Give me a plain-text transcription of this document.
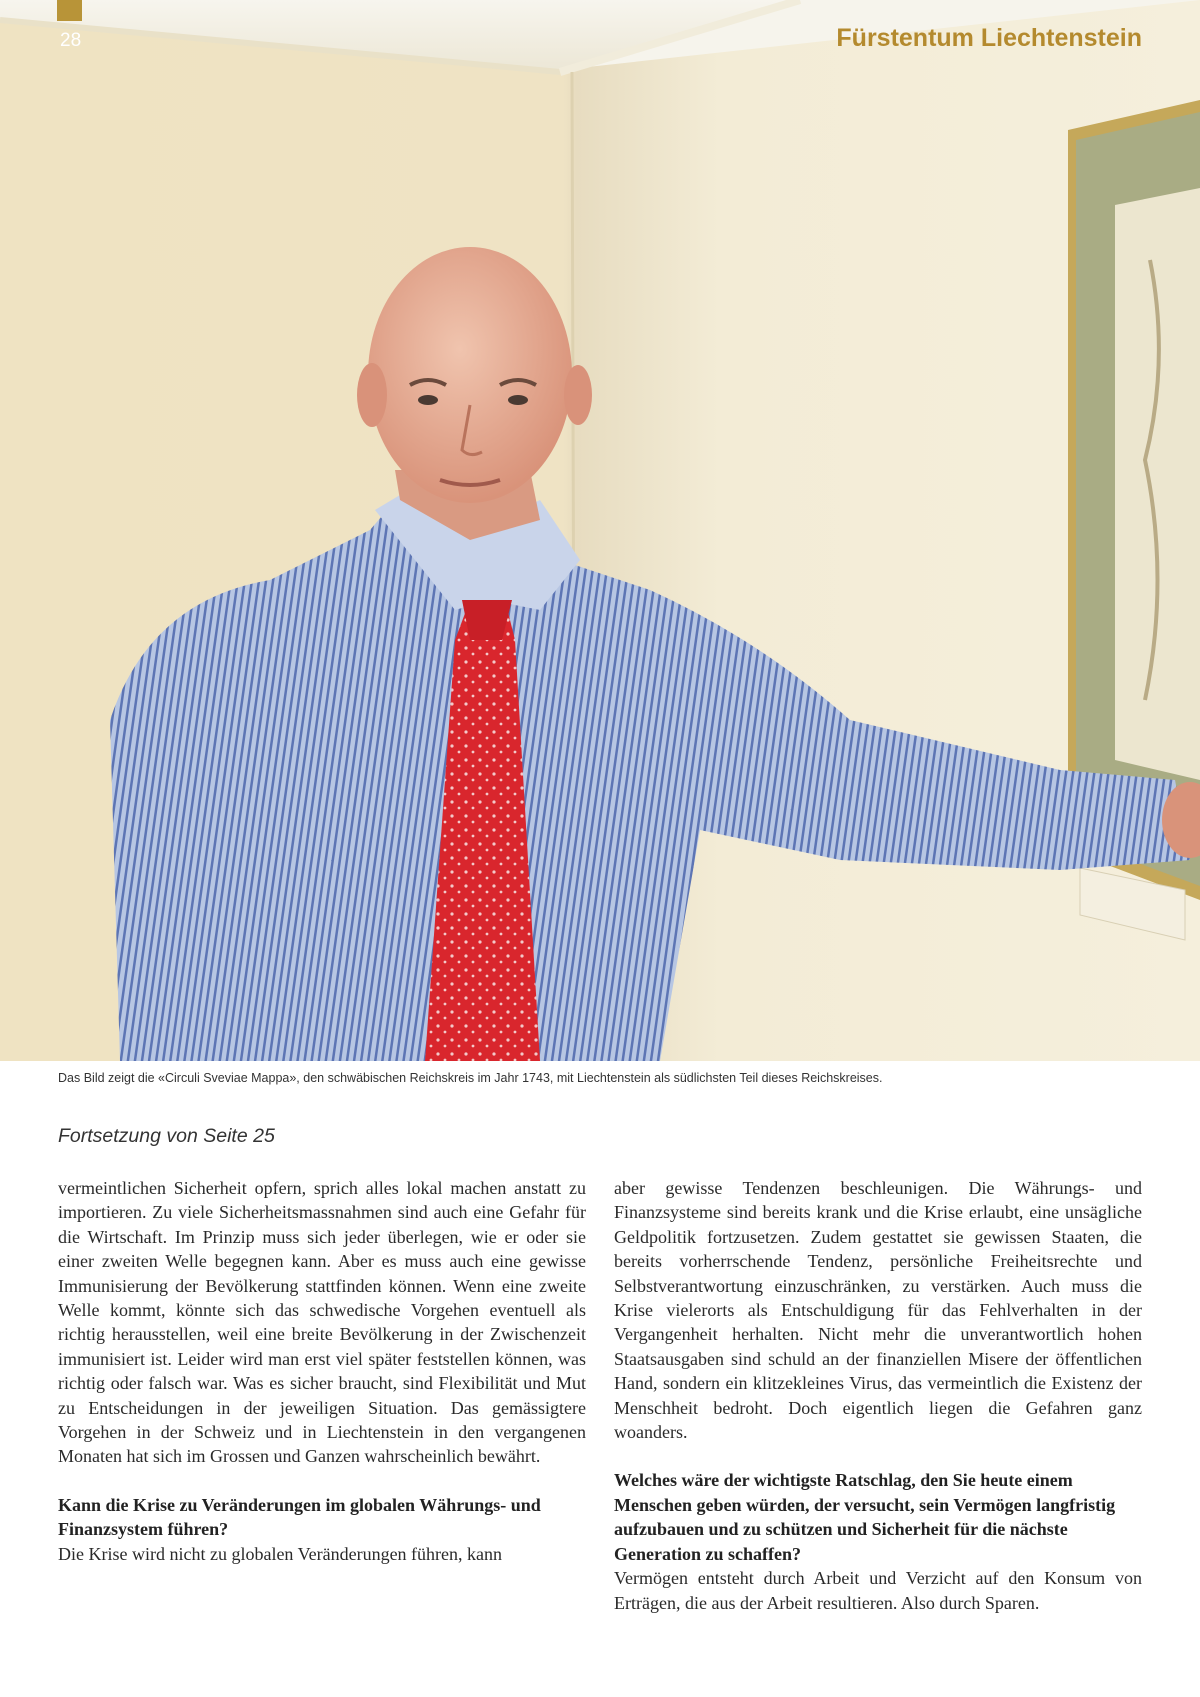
28	Fürstentum Liechtenstein
Das Bild zeigt die «Circuli Sveviae Mappa», den schwäbischen Reichskreis im Jahr 1743, mit Liechtenstein als südlichsten Teil dieses Reichskreises.
Fortsetzung von Seite 25

vermeintlichen Sicherheit opfern, sprich alles lokal machen anstatt zu importieren. Zu viele Sicherheitsmassnahmen sind auch eine Gefahr für die Wirtschaft. Im Prinzip muss sich jeder überlegen, wie er oder sie einer zweiten Welle begegnen kann. Aber es muss auch eine gewisse Immunisierung der Bevölkerung stattfinden können. Wenn eine zweite Welle kommt, könnte sich das schwedische Vorgehen eventuell als richtig herausstellen, weil eine breite Bevölkerung in der Zwischenzeit immunisiert ist. Leider wird man erst viel später feststellen können, was richtig oder falsch war. Was es sicher braucht, sind Flexibilität und Mut zu Entscheidungen in der jeweiligen Situation. Das gemässigtere Vorgehen in der Schweiz und in Liechtenstein in den vergangenen Monaten hat sich im Grossen und Ganzen wahrscheinlich bewährt.

Kann die Krise zu Veränderungen im globalen Währungs- und Finanzsystem führen?

Die Krise wird nicht zu globalen Veränderungen führen, kann

aber gewisse Tendenzen beschleunigen. Die Währungs- und Finanzsysteme sind bereits krank und die Krise erlaubt, eine unsägliche Geldpolitik fortzusetzen. Zudem gestattet sie gewissen Staaten, die bereits vorherrschende Tendenz, persönliche Freiheitsrechte und Selbstverantwortung einzuschränken, zu verstärken. Auch muss die Krise vielerorts als Entschuldigung für das Fehlverhalten in der Vergangenheit herhalten. Nicht mehr die unverantwortlich hohen Staatsausgaben sind schuld an der finanziellen Misere der öffentlichen Hand, sondern ein klitzekleines Virus, das vermeintlich die Existenz der Menschheit bedroht. Doch eigentlich liegen die Gefahren ganz woanders.

Welches wäre der wichtigste Ratschlag, den Sie heute einem Menschen geben würden, der versucht, sein Vermögen langfristig aufzubauen und zu schützen und Sicherheit für die nächste Generation zu schaffen?

Vermögen entsteht durch Arbeit und Verzicht auf den Konsum von Erträgen, die aus der Arbeit resultieren. Also durch Sparen.
